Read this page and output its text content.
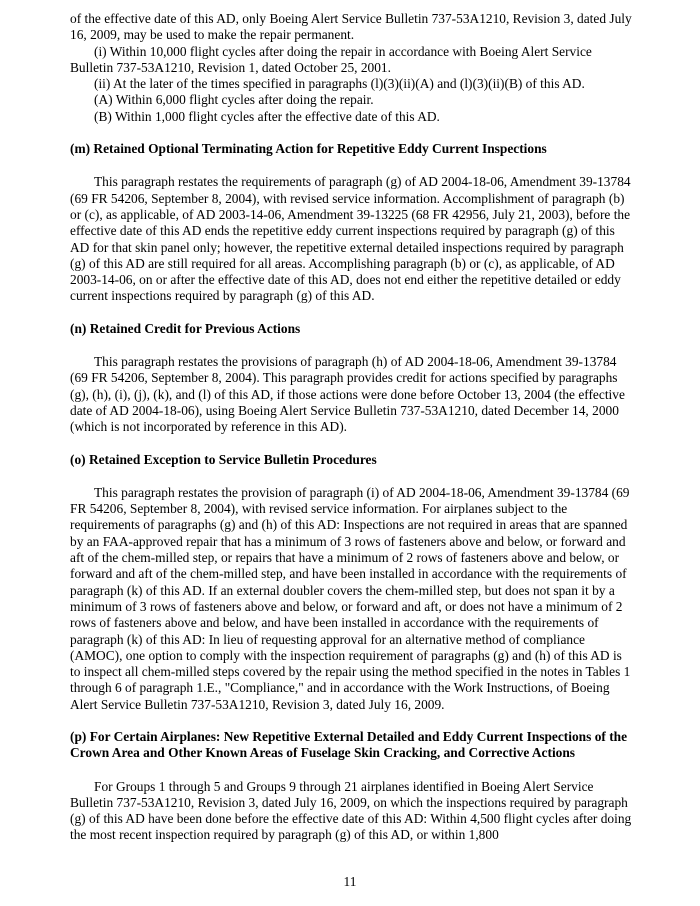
of the effective date of this AD, only Boeing Alert Service Bulletin 737-53A1210, Revision 3, dated July 16, 2009, may be used to make the repair permanent.

(i) Within 10,000 flight cycles after doing the repair in accordance with Boeing Alert Service Bulletin 737-53A1210, Revision 1, dated October 25, 2001.

(ii) At the later of the times specified in paragraphs (l)(3)(ii)(A) and (l)(3)(ii)(B) of this AD.

(A) Within 6,000 flight cycles after doing the repair.

(B) Within 1,000 flight cycles after the effective date of this AD.

(m) Retained Optional Terminating Action for Repetitive Eddy Current Inspections

This paragraph restates the requirements of paragraph (g) of AD 2004-18-06, Amendment 39-13784 (69 FR 54206, September 8, 2004), with revised service information. Accomplishment of paragraph (b) or (c), as applicable, of AD 2003-14-06, Amendment 39-13225 (68 FR 42956, July 21, 2003), before the effective date of this AD ends the repetitive eddy current inspections required by paragraph (g) of this AD for that skin panel only; however, the repetitive external detailed inspections required by paragraph (g) of this AD are still required for all areas. Accomplishing paragraph (b) or (c), as applicable, of AD 2003-14-06, on or after the effective date of this AD, does not end either the repetitive detailed or eddy current inspections required by paragraph (g) of this AD.

(n) Retained Credit for Previous Actions

This paragraph restates the provisions of paragraph (h) of AD 2004-18-06, Amendment 39-13784 (69 FR 54206, September 8, 2004). This paragraph provides credit for actions specified by paragraphs (g), (h), (i), (j), (k), and (l) of this AD, if those actions were done before October 13, 2004 (the effective date of AD 2004-18-06), using Boeing Alert Service Bulletin 737-53A1210, dated December 14, 2000 (which is not incorporated by reference in this AD).

(o) Retained Exception to Service Bulletin Procedures

This paragraph restates the provision of paragraph (i) of AD 2004-18-06, Amendment 39-13784 (69 FR 54206, September 8, 2004), with revised service information. For airplanes subject to the requirements of paragraphs (g) and (h) of this AD: Inspections are not required in areas that are spanned by an FAA-approved repair that has a minimum of 3 rows of fasteners above and below, or forward and aft of the chem-milled step, or repairs that have a minimum of 2 rows of fasteners above and below, or forward and aft of the chem-milled step, and have been installed in accordance with the requirements of paragraph (k) of this AD. If an external doubler covers the chem-milled step, but does not span it by a minimum of 3 rows of fasteners above and below, or forward and aft, or does not have a minimum of 2 rows of fasteners above and below, and have been installed in accordance with the requirements of paragraph (k) of this AD: In lieu of requesting approval for an alternative method of compliance (AMOC), one option to comply with the inspection requirement of paragraphs (g) and (h) of this AD is to inspect all chem-milled steps covered by the repair using the method specified in the notes in Tables 1 through 6 of paragraph 1.E., "Compliance," and in accordance with the Work Instructions, of Boeing Alert Service Bulletin 737-53A1210, Revision 3, dated July 16, 2009.

(p) For Certain Airplanes: New Repetitive External Detailed and Eddy Current Inspections of the Crown Area and Other Known Areas of Fuselage Skin Cracking, and Corrective Actions

For Groups 1 through 5 and Groups 9 through 21 airplanes identified in Boeing Alert Service Bulletin 737-53A1210, Revision 3, dated July 16, 2009, on which the inspections required by paragraph (g) of this AD have been done before the effective date of this AD: Within 4,500 flight cycles after doing the most recent inspection required by paragraph (g) of this AD, or within 1,800

11
